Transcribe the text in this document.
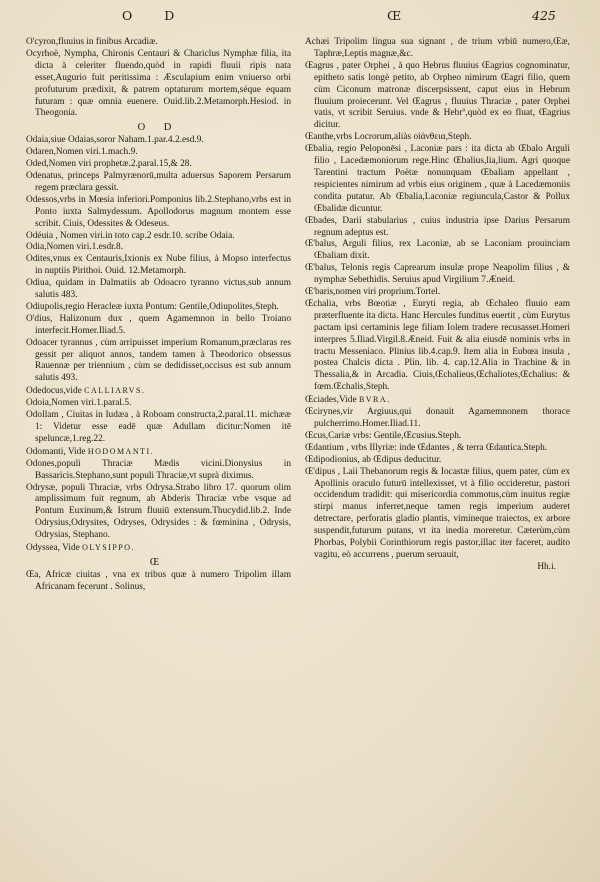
O D	Œ	425

O'cyron,fluuius in finibus Arcadiæ.

Ocyrhoë, Nympha, Chironis Centauri & Chariclus Nymphæ filia, ita dicta à celeriter fluendo,quòd in rapidi fluuii ripis nata esset,Augurio fuit peritissima : Æsculapium enim vniuerso orbi profuturum prædixit, & patrem optaturum mortem,séque equam futuram : quæ omnia euenere. Ouid.lib.2.Metamorph.Hesiod. in Theogonia.

O D

Odaia,siue Odaias,soror Naham.1.par.4.2.esd.9.

Odaren,Nomen viri.1.mach.9.

Oded,Nomen viri prophetæ.2.paral.15,& 28.

Odenatus, princeps Palmyrænorū,multa aduersus Saporem Persarum regem præclara gessit.

Odessos,vrbs in Mœsia inferiori.Pomponius lib.2.Stephano,vrbs est in Ponto iuxta Salmydessum. Apollodorus magnum montem esse scribit. Ciuis, Odessites & Odeseus.

Odéuia , Nomen viri.in toto cap.2 esdr.10. scribe Odaia.

Odia,Nomen viri.1.esdr.8.

Odites,vnus ex Centauris,Ixionis ex Nube filius, à Mopso interfectus in nuptiis Pirithoi. Ouid. 12.Metamorph.

Odiua, quidam in Dalmatiis ab Odoacro tyranno victus,sub annum salutis 483.

Odiupolis,regio Heracleæ iuxta Pontum: Gentile,Odiupolites,Steph.

O'dius, Halizonum dux , quem Agamemnon in bello Troiano interfecit.Homer.Iliad.5.

Odoacer tyrannus , cùm arripuisset imperium Romanum,præclaras res gessit per aliquot annos, tandem tamen à Theodorico obsessus Rauennæ per triennium , cùm se dedidisset,occisus est sub annum salutis 493.

Odedocus,vide CALLIARVS.

Odoia,Nomen viri.1.paral.5.

Odollam , Ciuitas in Iudæa , à Roboam constructa,2.paral.11. michææ 1: Videtur esse eadē quæ Adullam dicitur:Nomen itē speluncæ,1.reg.22.

Odomanti, Vide HODOMANTI.

Odones,populi Thraciæ Mædis vicini.Dionysius in Bassaricis.Stephano,sunt populi Thraciæ,vt suprà diximus.

Odrysæ, populi Thraciæ, vrbs Odrysa.Strabo libro 17. quorum olim amplissimum fuit regnum, ab Abderis Thraciæ vrbe vsque ad Pontum Euxinum,& Istrum fluuiū extensum.Thucydid.lib.2. Inde Odrysius,Odrysites, Odryses, Odrysides : & fœminina , Odrysis, Odrysias, Stephano.

Odyssea, Vide OLYSIPPO.

Œ

Œa, Africæ ciuitas , vna ex tribus quæ à numero Tripolim illam Africanam fecerunt . Solinus,

Achæi Tripolim lingua sua signant , de trium vrbiū numero,Œæ, Taphræ,Leptis magnæ,&c.

Œagrus , pater Orphei , à quo Hebrus fluuius Œagrius cognominatur, epitheto satis longè petito, ab Orpheo nimirum Œagri filio, quem cùm Ciconum matronæ discerpsissent, caput eius in Hebrum fluuium proiecerunt. Vel Œagrus , fluuius Thraciæ , pater Orphei vatis, vt scribit Seruius. vnde & Hebrº,quòd ex eo fluat, Œagrius dicitur.

Œanthe,vrbs Locrorum,aliàs οἰάνθεια,Steph.

Œbalia, regio Peloponēsi , Laconiæ pars : ita dicta ab Œbalo Arguli filio , Lacedæmoniorum rege.Hinc Œbalius,lia,lium. Agri quoque Tarentini tractum Poëtæ nonunquam Œbaliam appellant , respicientes nimirum ad vrbis eius originem , quæ à Lacedæmoniis condita putatur. Ab Œbalia,Laconiæ regiuncula,Castor & Pollux Œbalidæ dicuntur.

Œbades, Darii stabularius , cuius industria ipse Darius Persarum regnum adeptus est.

Œ'balus, Arguli filius, rex Laconiæ, ab se Laconiam prouinciam Œbaliam dixit.

Œ'balus, Telonis regis Caprearum insulæ prope Neapolim filius , & nymphæ Sebethidis. Seruius apud Virgilium 7.Æneid.

Œ'baris,nomen viri proprium.Tortel.

Œchalia, vrbs Bœotiæ , Euryti regia, ab Œchaleo fluuio eam præterfluente ita dicta. Hanc Hercules funditus euertit , cùm Eurytus pactam ipsi certaminis lege filiam Iolem tradere recusasset.Homeri interpres 5.Iliad.Virgil.8.Æneid. Fuit & alia eiusdē nominis vrbs in tractu Messeniaco. Plinius lib.4.cap.9. Item alia in Eubœa insula , postea Chalcis dicta . Plin. lib. 4. cap.12.Alia in Trachine & in Thessalia,& in Arcadia. Ciuis,Œchalieus,Œchaliotes,Œchalius: & fœm.Œchalis,Steph.

Œciades,Vide BVRA.

Œcirynes,vir Argiuus,qui donauit Agamemnonem thorace pulcherrimo.Homer.Iliad.11.

Œcus,Cariæ vrbs: Gentile,Œcusius.Steph.

Œdantium , vrbs Illyriæ: inde Œdantes , & terra Œdantica.Steph.

Œdipodionius, ab Œdipus deducitur.

Œ'dipus , Laii Thebanorum regis & Iocastæ filius, quem pater, cùm ex Apollinis oraculo futurū intellexisset, vt à filio occideretur, pastori occidendum tradidit: qui misericordia commotus,cùm inuitus regiæ stirpi manus inferret,neque tamen regis imperium auderet detrectare, perforatis gladio plantis, vimíneque traiectos, ex arbore suspendit,futurum putans, vt ita inedia moreretur. Cæterùm,cùm Phorbas, Polybii Corinthiorum regis pastor,illac iter faceret, audito vagitu, eò accurrens , puerum seruauit,

Hh.i.
